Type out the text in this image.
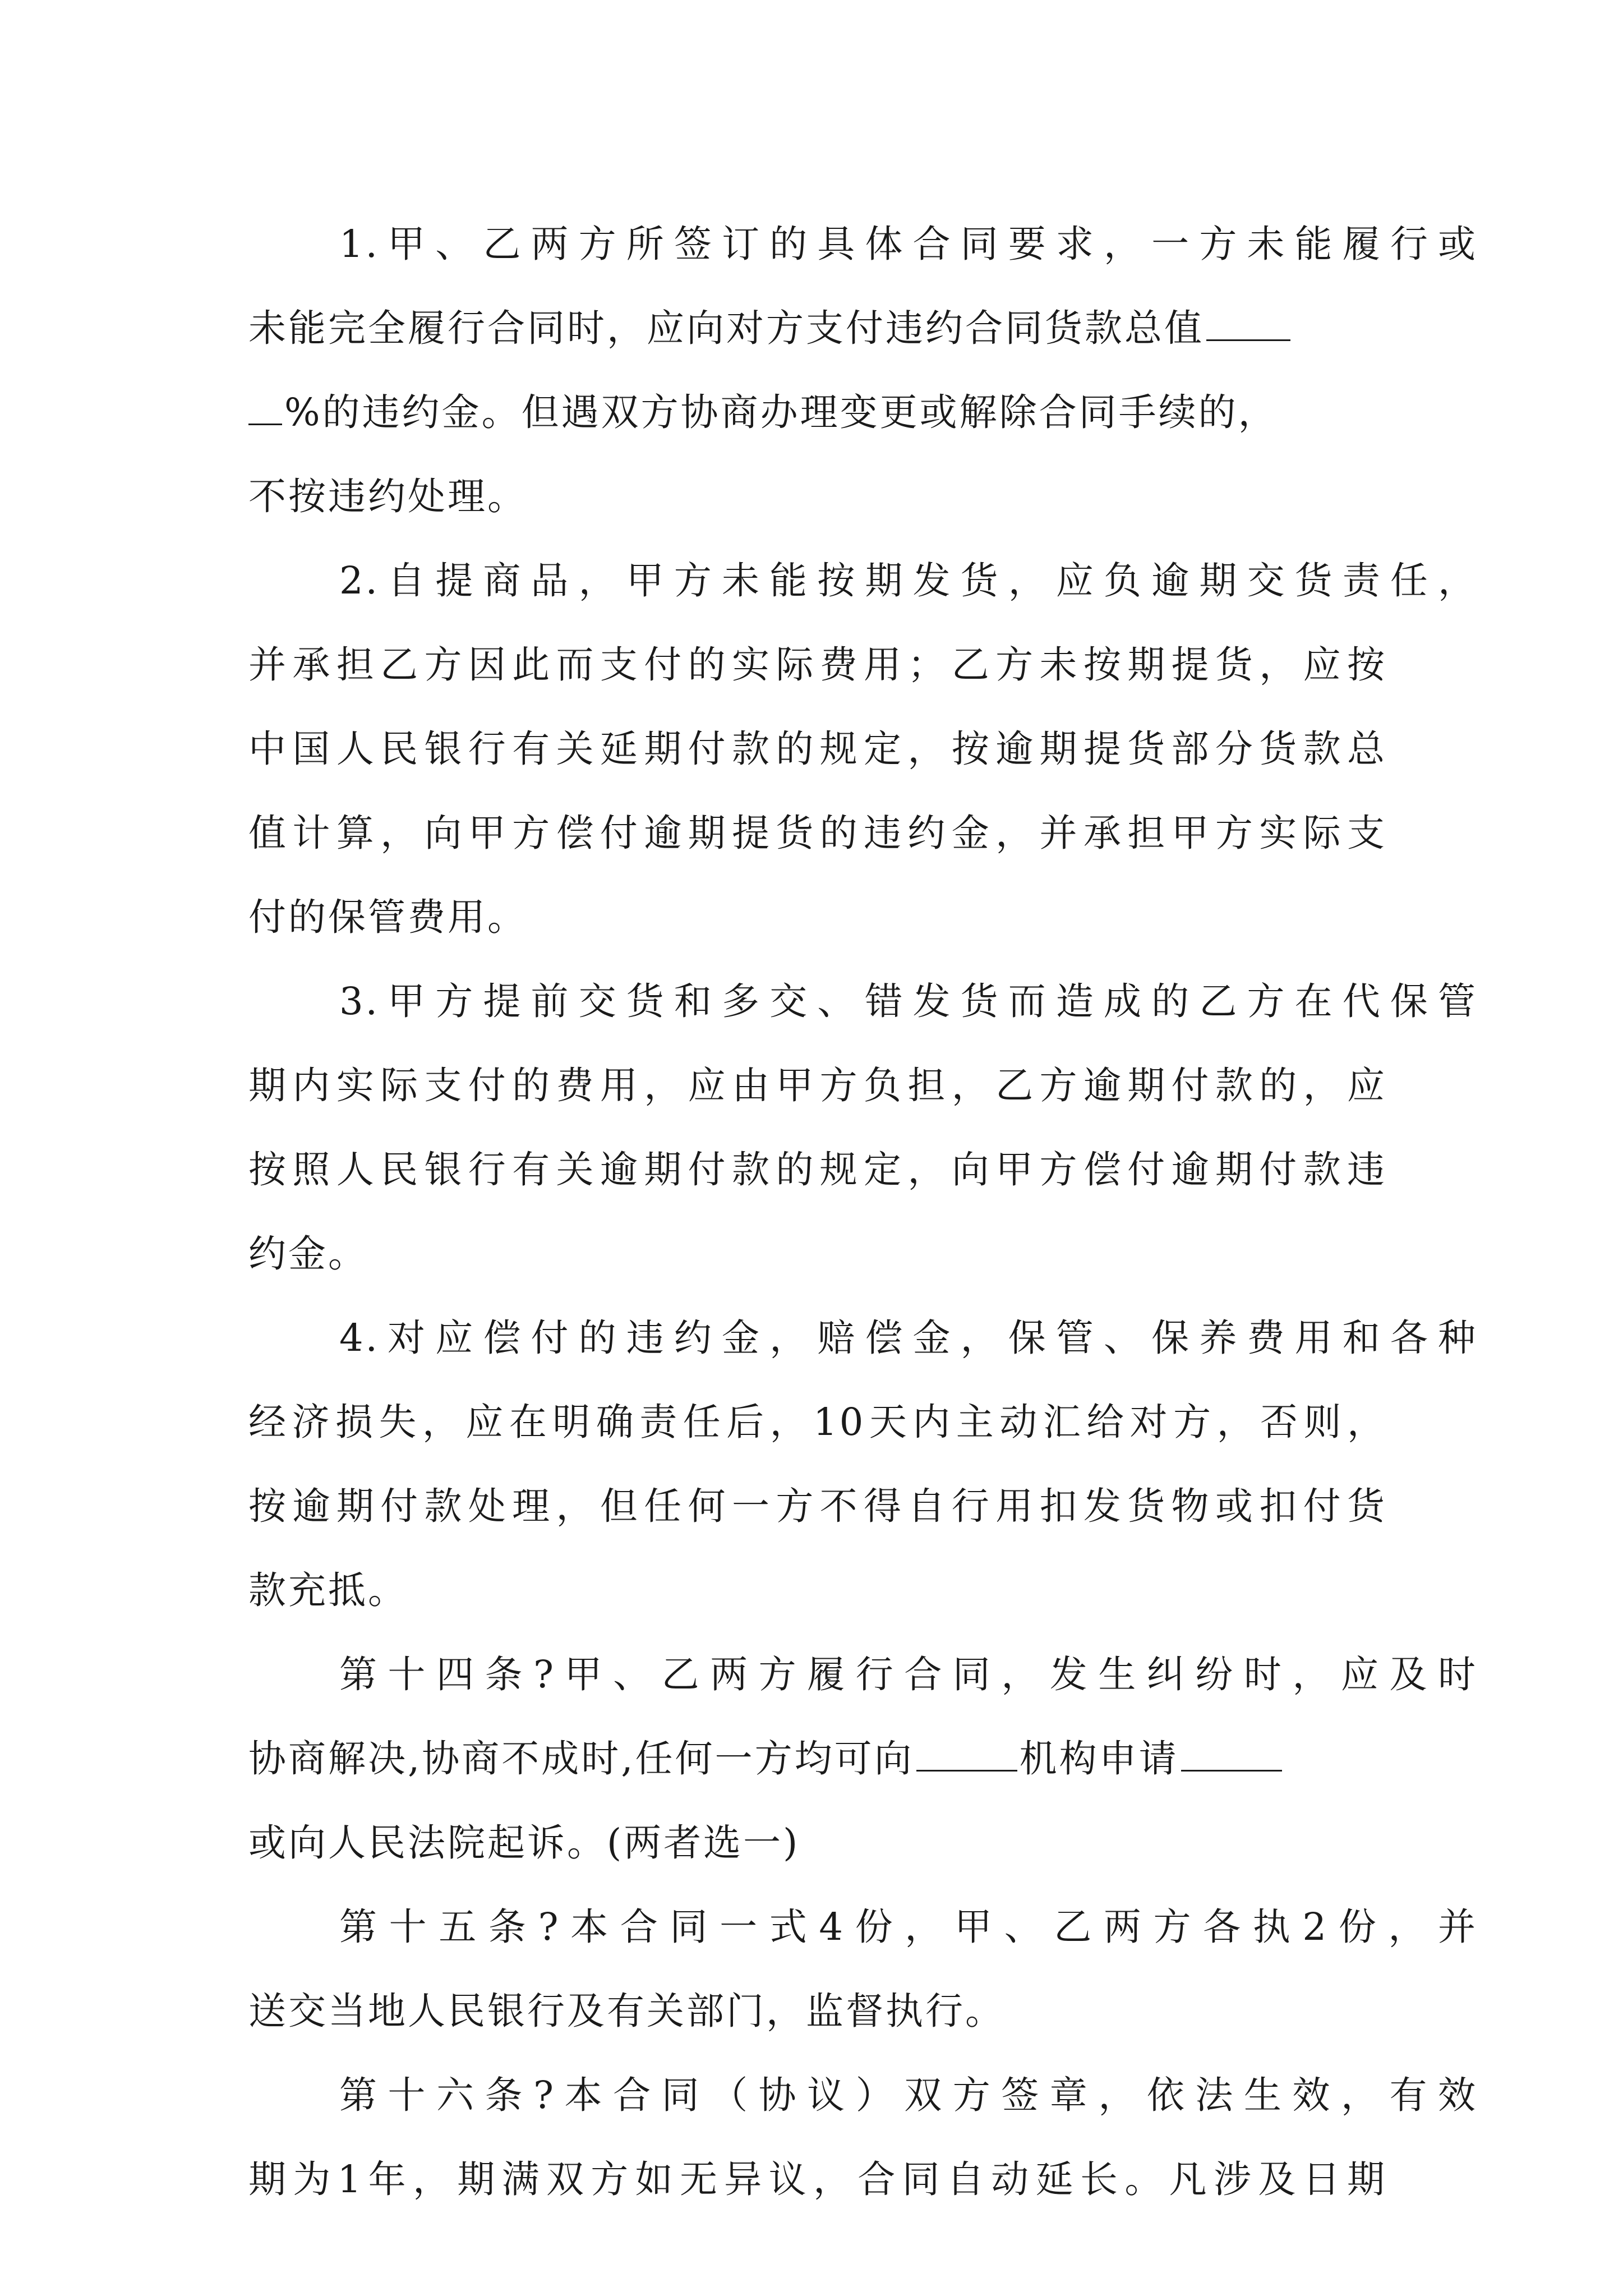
1.甲、乙两方所签订的具体合同要求，一方未能履行或
未能完全履行合同时，应向对方支付违约合同货款总值
%的违约金。但遇双方协商办理变更或解除合同手续的，
不按违约处理。
2.自提商品，甲方未能按期发货，应负逾期交货责任，
并承担乙方因此而支付的实际费用；乙方未按期提货，应按
中国人民银行有关延期付款的规定，按逾期提货部分货款总
值计算，向甲方偿付逾期提货的违约金，并承担甲方实际支
付的保管费用。
3.甲方提前交货和多交、错发货而造成的乙方在代保管
期内实际支付的费用，应由甲方负担，乙方逾期付款的，应
按照人民银行有关逾期付款的规定，向甲方偿付逾期付款违
约金。
4.对应偿付的违约金，赔偿金，保管、保养费用和各种
经济损失，应在明确责任后，10天内主动汇给对方，否则，
按逾期付款处理，但任何一方不得自行用扣发货物或扣付货
款充抵。
第十四条?甲、乙两方履行合同，发生纠纷时，应及时
协商解决,协商不成时,任何一方均可向	机构申请
或向人民法院起诉。(两者选一)
第十五条?本合同一式4份，甲、乙两方各执2份，并
送交当地人民银行及有关部门，监督执行。
第十六条?本合同（协议）双方签章，依法生效，有效
期为1年，期满双方如无异议，合同自动延长。凡涉及日期
